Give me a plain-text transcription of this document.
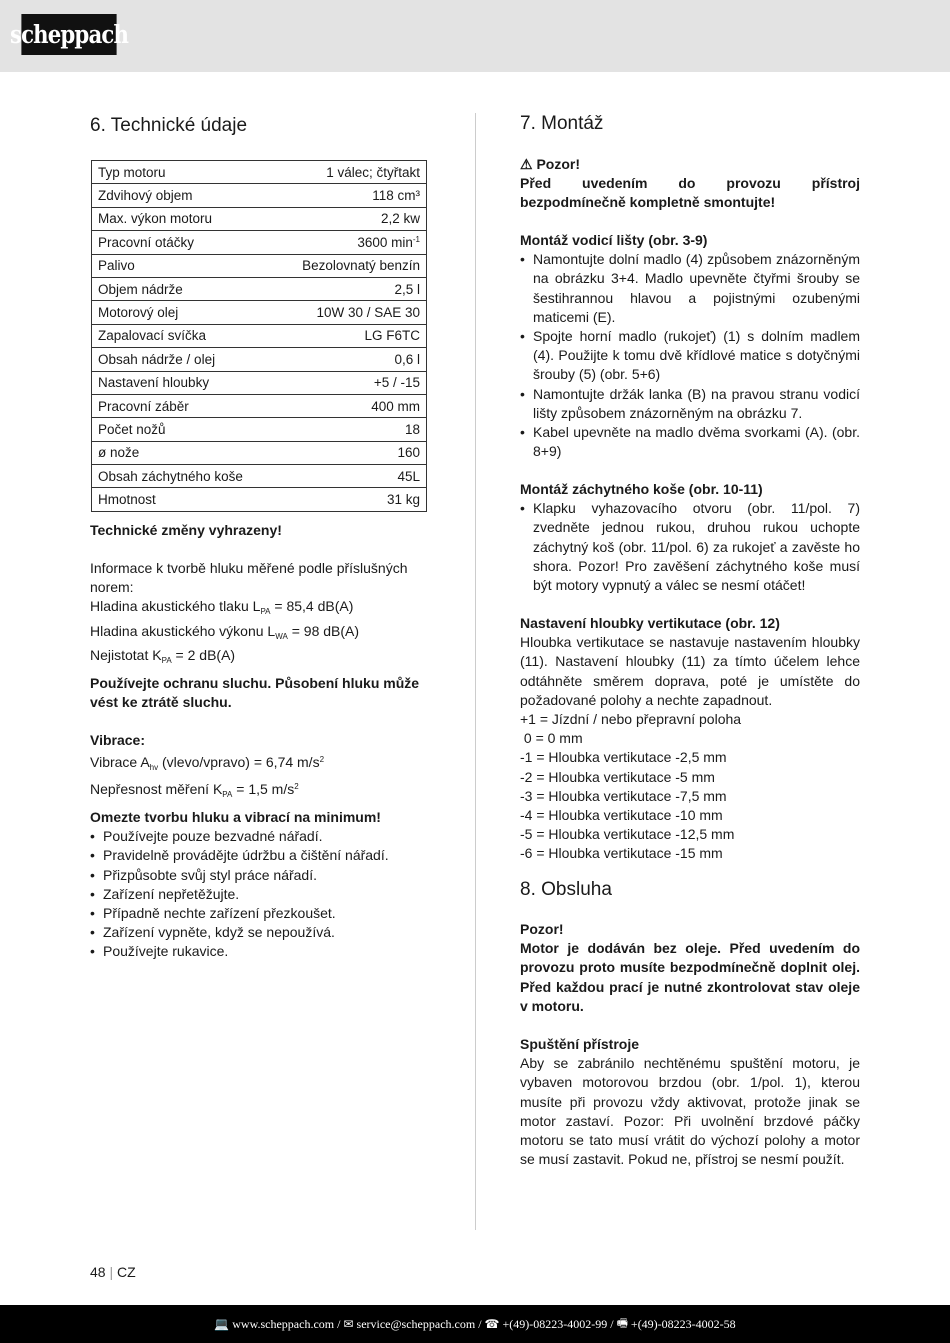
scheppach
6. Technické údaje
Typ motoru	1 válec; čtyřtakt
Zdvihový objem	118 cm³
Max. výkon motoru	2,2 kw
Pracovní otáčky	3600 $\min^{-1}$
Palivo	Bezolovnatý benzín
Objem nádrže	2,5 l
Motorový olej	10W 30 / SAE 30
Zapalovací svíčka	LG F6TC
Obsah nádrže / olej	0,6 l
Nastavení hloubky	+5 / -15
Pracovní záběr	400 mm
Počet nožů	18
ø nože	160
Obsah záchytného koše	45L
Hmotnost	31 kg
Technické změny vyhrazeny!
Informace k tvorbě hluku měřené podle příslušných norem:
Hladina akustického tlaku $L_{PA} = 85,4$ dB(A)
Hladina akustického výkonu $L_{WA} = 98$ dB(A)
Nejistotat $K_{PA} = 2$ dB(A)
Používejte ochranu sluchu. Působení hluku může vést ke ztrátě sluchu.
Vibrace:
Vibrace $A_{hv}$ (vlevo/vpravo) = 6,74 $m/s^2$
Nepřesnost měření $K_{PA} = 1,5$ $m/s^2$
Omezte tvorbu hluku a vibrací na minimum!
• Používejte pouze bezvadné nářadí.
• Pravidelně provádějte údržbu a čištění nářadí.
• Přizpůsobte svůj styl práce nářadí.
• Zařízení nepřetěžujte.
• Případně nechte zařízení přezkoušet.
• Zařízení vypněte, když se nepoužívá.
• Používejte rukavice.
7. Montáž
⚠ Pozor!
Před uvedením do provozu přístroj bezpodmínečně kompletně smontujte!
Montáž vodicí lišty (obr. 3-9)
• Namontujte dolní madlo (4) způsobem znázorněným na obrázku 3+4. Madlo upevněte čtyřmi šrouby se šestihrannou hlavou a pojistnými ozubenými maticemi (E).
• Spojte horní madlo (rukojeť) (1) s dolním madlem (4). Použijte k tomu dvě křídlové matice s dotyčnými šrouby (5) (obr. 5+6)
• Namontujte držák lanka (B) na pravou stranu vodicí lišty způsobem znázorněným na obrázku 7.
• Kabel upevněte na madlo dvěma svorkami (A). (obr. 8+9)
Montáž záchytného koše (obr. 10-11)
• Klapku vyhazovacího otvoru (obr. 11/pol. 7) zvedněte jednou rukou, druhou rukou uchopte záchytný koš (obr. 11/pol. 6) za rukojeť a zavěste ho shora. Pozor! Pro zavěšení záchytného koše musí být motory vypnutý a válec se nesmí otáčet!
Nastavení hloubky vertikutace (obr. 12)
Hloubka vertikutace se nastavuje nastavením hloubky (11). Nastavení hloubky (11) za tímto účelem lehce odtáhněte směrem doprava, poté je umístěte do požadované polohy a nechte zapadnout.
+1 = Jízdní / nebo přepravní poloha
0 = 0 mm
-1 = Hloubka vertikutace -2,5 mm
-2 = Hloubka vertikutace -5 mm
-3 = Hloubka vertikutace -7,5 mm
-4 = Hloubka vertikutace -10 mm
-5 = Hloubka vertikutace -12,5 mm
-6 = Hloubka vertikutace -15 mm
8. Obsluha
Pozor!
Motor je dodáván bez oleje. Před uvedením do provozu proto musíte bezpodmínečně doplnit olej. Před každou prací je nutné zkontrolovat stav oleje v motoru.
Spuštění přístroje
Aby se zabránilo nechtěnému spuštění motoru, je vybaven motorovou brzdou (obr. 1/pol. 1), kterou musíte při provozu vždy aktivovat, protože jinak se motor zastaví. Pozor: Při uvolnění brzdové páčky motoru se tato musí vrátit do výchozí polohy a motor se musí zastavit. Pokud ne, přístroj se nesmí použít.
48 | CZ
💻 www.scheppach.com / ✉ service@scheppach.com / ☎ +(49)-08223-4002-99 / 🖷 +(49)-08223-4002-58
